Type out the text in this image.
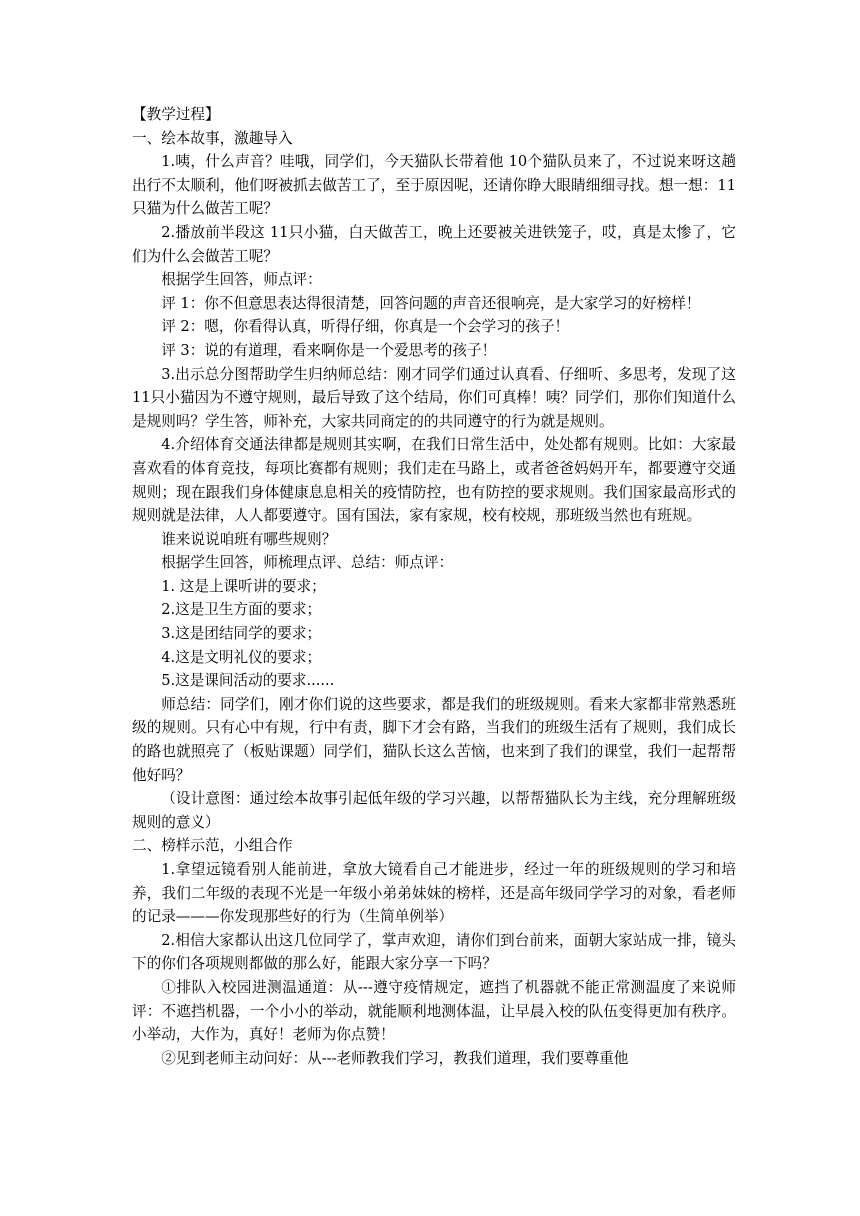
【教学过程】

一、绘本故事，激趣导入

1.咦，什么声音？哇哦，同学们，今天猫队长带着他 10个猫队员来了，不过说来呀这趟出行不太顺利，他们呀被抓去做苦工了，至于原因呢，还请你睁大眼睛细细寻找。想一想：11只猫为什么做苦工呢？

2.播放前半段这 11只小猫，白天做苦工，晚上还要被关进铁笼子，哎，真是太惨了，它们为什么会做苦工呢？

根据学生回答，师点评：

评 1：你不但意思表达得很清楚，回答问题的声音还很响亮，是大家学习的好榜样！

评 2：嗯，你看得认真，听得仔细，你真是一个会学习的孩子！

评 3：说的有道理，看来啊你是一个爱思考的孩子！

3.出示总分图帮助学生归纳师总结：刚才同学们通过认真看、仔细听、多思考，发现了这 11只小猫因为不遵守规则，最后导致了这个结局，你们可真棒！咦？同学们，那你们知道什么是规则吗？学生答，师补充，大家共同商定的的共同遵守的行为就是规则。

4.介绍体育交通法律都是规则其实啊，在我们日常生活中，处处都有规则。比如：大家最喜欢看的体育竞技，每项比赛都有规则；我们走在马路上，或者爸爸妈妈开车，都要遵守交通规则；现在跟我们身体健康息息相关的疫情防控，也有防控的要求规则。我们国家最高形式的规则就是法律，人人都要遵守。国有国法，家有家规，校有校规，那班级当然也有班规。

谁来说说咱班有哪些规则？

根据学生回答，师梳理点评、总结：师点评：

1. 这是上课听讲的要求；

2.这是卫生方面的要求；

3.这是团结同学的要求；

4.这是文明礼仪的要求；

5.这是课间活动的要求......

师总结：同学们，刚才你们说的这些要求，都是我们的班级规则。看来大家都非常熟悉班级的规则。只有心中有规，行中有责，脚下才会有路，当我们的班级生活有了规则，我们成长的路也就照亮了（板贴课题）同学们，猫队长这么苦恼，也来到了我们的课堂，我们一起帮帮他好吗？

（设计意图：通过绘本故事引起低年级的学习兴趣，以帮帮猫队长为主线，充分理解班级规则的意义）

二、榜样示范，小组合作

1.拿望远镜看别人能前进，拿放大镜看自己才能进步，经过一年的班级规则的学习和培养，我们二年级的表现不光是一年级小弟弟妹妹的榜样，还是高年级同学学习的对象，看老师的记录———你发现那些好的行为（生简单例举）

2.相信大家都认出这几位同学了，掌声欢迎，请你们到台前来，面朝大家站成一排，镜头下的你们各项规则都做的那么好，能跟大家分享一下吗？

①排队入校园进测温通道：从---遵守疫情规定，遮挡了机器就不能正常测温度了来说师评：不遮挡机器，一个小小的举动，就能顺利地测体温，让早晨入校的队伍变得更加有秩序。小举动，大作为，真好！老师为你点赞！

②见到老师主动问好：从---老师教我们学习，教我们道理，我们要尊重他
